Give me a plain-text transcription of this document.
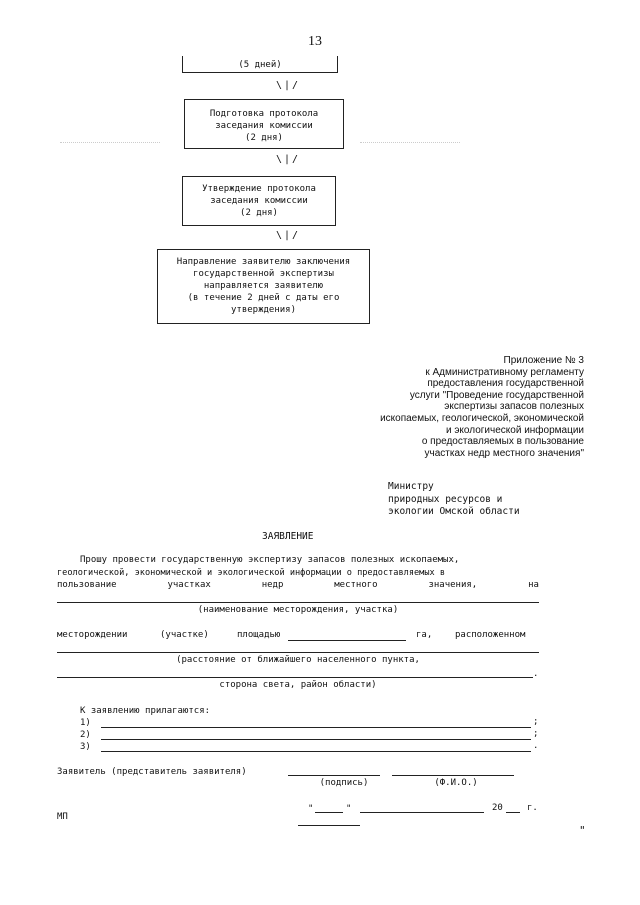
13
(5 дней)
\|/
Подготовка протокола
заседания комиссии
(2 дня)
\|/
Утверждение протокола
заседания комиссии
(2 дня)
\|/
Направление заявителю заключения
государственной экспертизы
направляется заявителю
(в течение 2 дней с даты его
утверждения)
Приложение № 3
к Административному регламенту
предоставления государственной
услуги "Проведение государственной
экспертизы запасов полезных
ископаемых, геологической, экономической
и экологической информации
о предоставляемых в пользование
участках недр местного значения"
Министру
природных ресурсов и
экологии Омской области
ЗАЯВЛЕНИЕ
Прошу провести государственную экспертизу запасов полезных ископаемых,
геологической, экономической и экологической информации о предоставляемых в
пользование	участках	недр	местного	значения,	на
(наименование месторождения, участка)
месторождении	(участке)	площадью	га,	расположенном
(расстояние от ближайшего населенного пункта,
.
сторона света, район области)
К заявлению прилагаются:
1)	;
2)	;
3)	.
Заявитель (представитель заявителя)
(подпись)	(Ф.И.О.)
МП
"	"	20	г.
"
